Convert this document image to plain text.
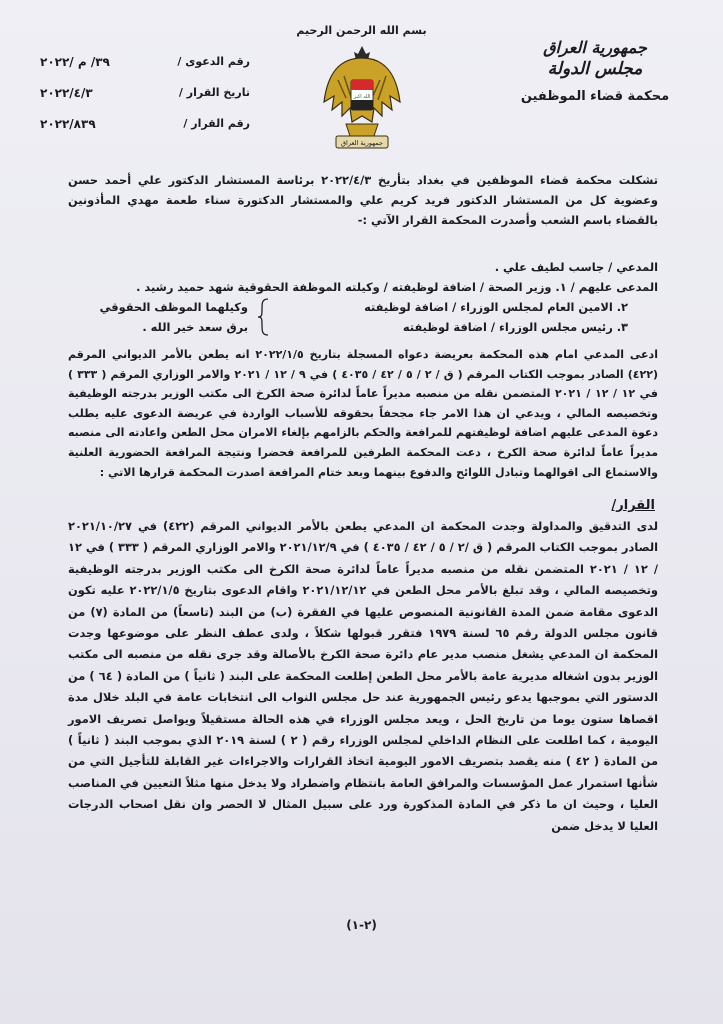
بسم الله الرحمن الرحيم
الله اكبر
جمهورية العراق
جمهورية العراق
مجلس الدولة
محكمة قضاء الموظفين
رقم الدعوى /
٣٩/ م /٢٠٢٢
تاريخ القرار /
٢٠٢٢/٤/٣
رقم القرار /
٢٠٢٢/٨٣٩
تشكلت محكمة قضاء الموظفين في بغداد بتأريخ ٢٠٢٢/٤/٣ برئاسة المستشار الدكتور علي أحمد حسن وعضوية كل من المستشار الدكتور فريد كريم علي والمستشار الدكتورة سناء طعمة مهدي المأذونين بالقضاء باسم الشعب وأصدرت المحكمة القرار الآتي :-
المدعي / جاسب لطيف علي .
المدعى عليهم / ١. وزير الصحة / اضافة لوظيفته / وكيلته الموظفة الحقوقية شهد حميد رشيد .
٢. الامين العام لمجلس الوزراء / اضافة لوظيفته
٣. رئيس مجلس الوزراء / اضافة لوظيفته
وكيلهما الموظف الحقوقي
برق سعد خير الله .
ادعى المدعي امام هذه المحكمة بعريضة دعواه المسجلة بتاريخ ٢٠٢٢/١/٥ انه يطعن بالأمر الديواني المرقم (٤٢٢) الصادر بموجب الكتاب المرقم ( ق / ٢ / ٥ / ٤٢ / ٤٠٣٥ ) في ٩ / ١٢ / ٢٠٢١ والامر الوزاري المرقم ( ٣٣٣ ) في ١٢ / ١٢ / ٢٠٢١ المتضمن نقله من منصبه مديراً عاماً لدائرة صحة الكرخ الى مكتب الوزير بدرجته الوظيفية وتخصيصه المالي ، ويدعي ان هذا الامر جاء مجحفاً بحقوقه للأسباب الواردة في عريضة الدعوى عليه يطلب دعوة المدعى عليهم اضافة لوظيفتهم للمرافعة والحكم بالزامهم بإلغاء الامران محل الطعن واعادته الى منصبه مديراً عاماً لدائرة صحة الكرخ ، دعت المحكمة الطرفين للمرافعة فحضرا ونتيجة المرافعة الحضورية العلنية والاستماع الى اقوالهما وتبادل اللوائح والدفوع بينهما وبعد ختام المرافعة اصدرت المحكمة قرارها الاتي :
القرار/
لدى التدقيق والمداولة وجدت المحكمة ان المدعي يطعن بالأمر الديواني المرقم (٤٢٢) في ٢٠٢١/١٠/٢٧ الصادر بموجب الكتاب المرقم ( ق /٢ / ٥ / ٤٢ / ٤٠٣٥ ) في ٢٠٢١/١٢/٩ والامر الوزاري المرقم ( ٣٣٣ ) في ١٢ / ١٢ / ٢٠٢١ المتضمن نقله من منصبه مديراً عاماً لدائرة صحة الكرخ الى مكتب الوزير بدرجته الوظيفية وتخصيصه المالي ، وقد تبلغ بالأمر محل الطعن في ٢٠٢١/١٢/١٢ واقام الدعوى بتاريخ ٢٠٢٢/١/٥ عليه تكون الدعوى مقامة ضمن المدة القانونية المنصوص عليها في الفقرة (ب) من البند (تاسعاً) من المادة (٧) من قانون مجلس الدولة رقم ٦٥ لسنة ١٩٧٩ فتقرر قبولها شكلاً ، ولدى عطف النظر على موضوعها وجدت المحكمة ان المدعي يشغل منصب مدير عام دائرة صحة الكرخ بالأصالة وقد جرى نقله من منصبه الى مكتب الوزير بدون اشغاله مديرية عامة بالأمر محل الطعن إطلعت المحكمة على البند ( ثانياً ) من المادة ( ٦٤ ) من الدستور التي بموجبها يدعو رئيس الجمهورية عند حل مجلس النواب الى انتخابات عامة في البلد خلال مدة اقصاها ستون يوما من تاريخ الحل ، ويعد مجلس الوزراء في هذه الحالة مستقيلاً ويواصل تصريف الامور اليومية ، كما اطلعت على النظام الداخلي لمجلس الوزراء رقم ( ٢ ) لسنة ٢٠١٩ الذي بموجب البند ( ثانياً ) من المادة ( ٤٢ ) منه يقصد بتصريف الامور اليومية اتخاذ القرارات والاجراءات غير القابلة للتأجيل التي من شأنها استمرار عمل المؤسسات والمرافق العامة بانتظام واضطراد ولا يدخل منها مثلاً التعيين في المناصب العليا ، وحيث ان ما ذكر في المادة المذكورة ورد على سبيل المثال لا الحصر وان نقل اصحاب الدرجات العليا لا يدخل ضمن
(٢-١)
